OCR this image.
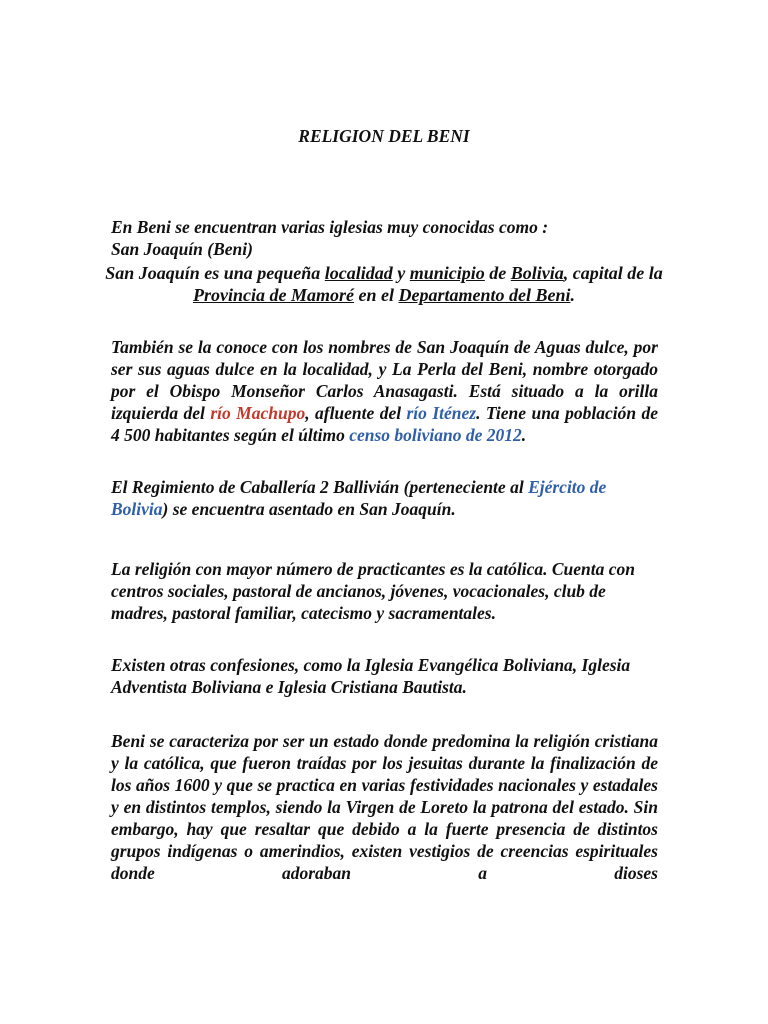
RELIGION DEL BENI

En Beni se encuentran varias iglesias muy conocidas como :
San Joaquín (Beni)

San Joaquín es una pequeña localidad y municipio de Bolivia, capital de la Provincia de Mamoré en el Departamento del Beni.

También se la conoce con los nombres de San Joaquín de Aguas dulce, por ser sus aguas dulce en la localidad, y La Perla del Beni, nombre otorgado por el Obispo Monseñor Carlos Anasagasti. Está situado a la orilla izquierda del río Machupo, afluente del río Iténez. Tiene una población de 4 500 habitantes según el último censo boliviano de 2012.

El Regimiento de Caballería 2 Ballivián (perteneciente al Ejército de Bolivia) se encuentra asentado en San Joaquín.

La religión con mayor número de practicantes es la católica. Cuenta con centros sociales, pastoral de ancianos, jóvenes, vocacionales, club de madres, pastoral familiar, catecismo y sacramentales.

Existen otras confesiones, como la Iglesia Evangélica Boliviana, Iglesia Adventista Boliviana e Iglesia Cristiana Bautista.

Beni se caracteriza por ser un estado donde predomina la religión cristiana y la católica, que fueron traídas por los jesuitas durante la finalización de los años 1600 y que se practica en varias festividades nacionales y estadales y en distintos templos, siendo la Virgen de Loreto la patrona del estado. Sin embargo, hay que resaltar que debido a la fuerte presencia de distintos grupos indígenas o amerindios, existen vestigios de creencias espirituales donde adoraban a dioses
